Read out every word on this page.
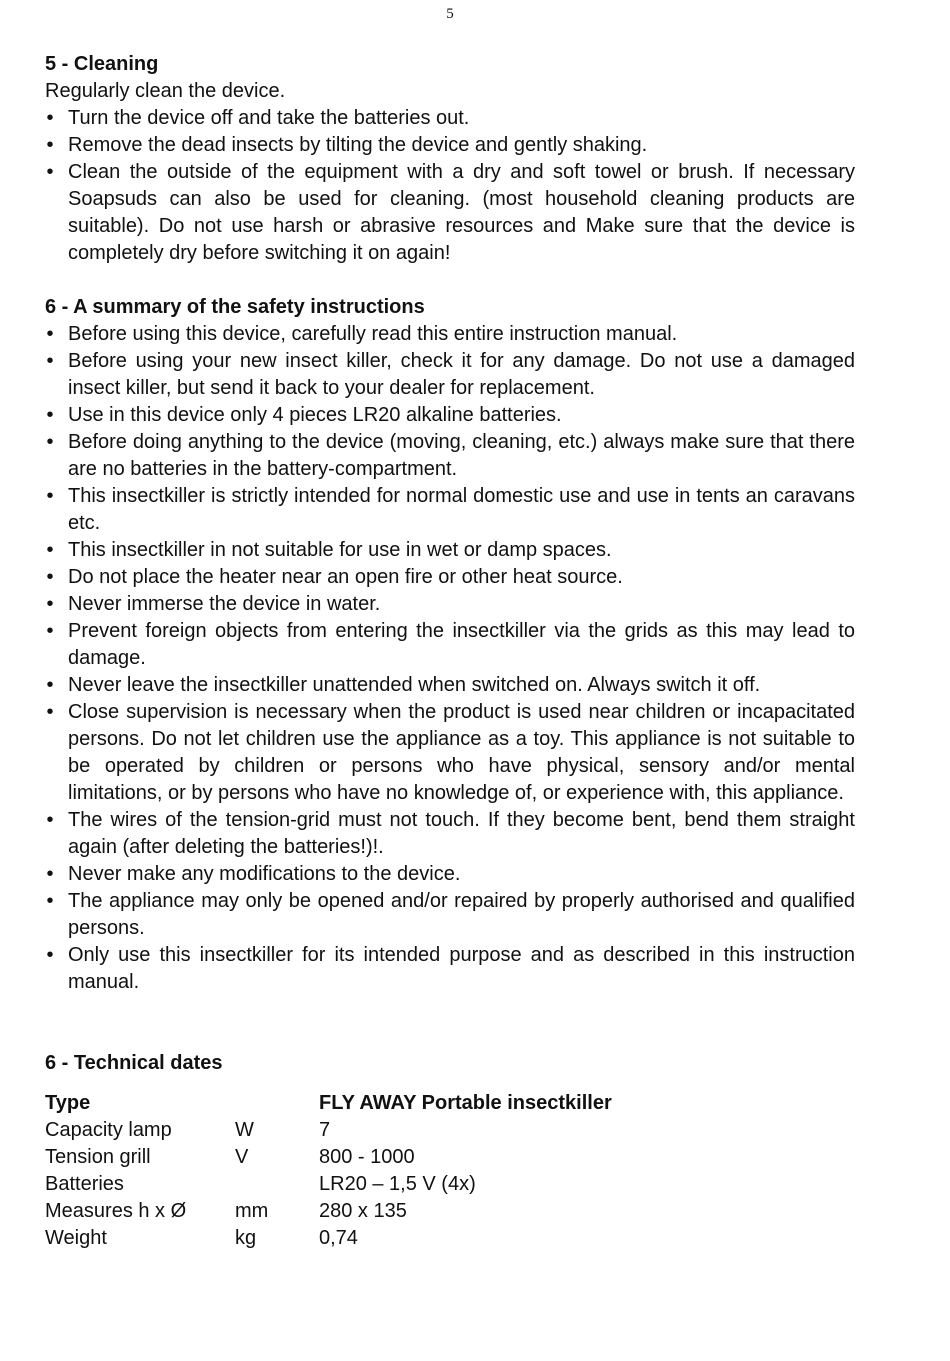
5

5 - Cleaning

Regularly clean the device.

• Turn the device off and take the batteries out.
• Remove the dead insects by tilting the device and gently shaking.
• Clean the outside of the equipment with a dry and soft towel or brush. If necessary Soapsuds can also be used for cleaning. (most household cleaning products are suitable). Do not use harsh or abrasive resources and Make sure that the device is completely dry before switching it on again!

6 - A summary of the safety instructions

• Before using this device, carefully read this entire instruction manual.
• Before using your new insect killer, check it for any damage. Do not use a damaged insect killer, but send it back to your dealer for replacement.
• Use in this device only 4 pieces LR20 alkaline batteries.
• Before doing anything to the device (moving, cleaning, etc.) always make sure that there are no batteries in the battery-compartment.
• This insectkiller is strictly intended for normal domestic use and use in tents an caravans etc.
• This insectkiller in not suitable for use in wet or damp spaces.
• Do not place the heater near an open fire or other heat source.
• Never immerse the device in water.
• Prevent foreign objects from entering the insectkiller via the grids as this may lead to damage.
• Never leave the insectkiller unattended when switched on. Always switch it off.
• Close supervision is necessary when the product is used near children or incapacitated persons. Do not let children use the appliance as a toy. This appliance is not suitable to be operated by children or persons who have physical, sensory and/or mental limitations, or by persons who have no knowledge of, or experience with, this appliance.
• The wires of the tension-grid must not touch. If they become bent, bend them straight again (after deleting the batteries!)!.
• Never make any modifications to the device.
• The appliance may only be opened and/or repaired by properly authorised and qualified persons.
• Only use this insectkiller for its intended purpose and as described in this instruction manual.

6 - Technical dates

Type		FLY AWAY Portable insectkiller
Capacity lamp	W	7
Tension grill	V	800 - 1000
Batteries		LR20 – 1,5 V (4x)
Measures h x Ø	mm	280 x 135
Weight	kg	0,74
